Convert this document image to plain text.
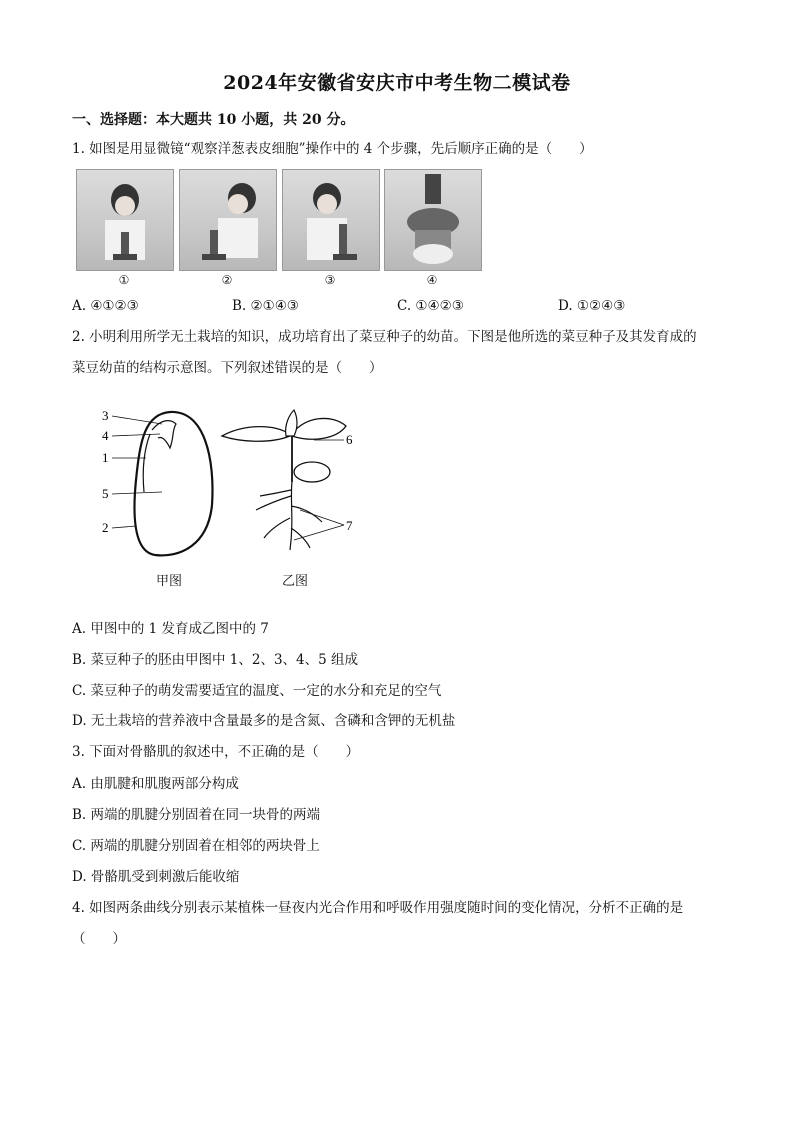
2024年安徽省安庆市中考生物二模试卷
一、选择题：本大题共 10 小题，共 20 分。
1. 如图是用显微镜“观察洋葱表皮细胞”操作中的 4 个步骤，先后顺序正确的是（　　）
①	②	③	④
A. ④①②③	B. ②①④③	C. ①④②③	D. ①②④③
2. 小明利用所学无土栽培的知识，成功培育出了菜豆种子的幼苗。下图是他所选的菜豆种子及其发育成的
菜豆幼苗的结构示意图。下列叙述错误的是（　　）
3
4
1
5
2
6
7
甲图	乙图
A. 甲图中的 1 发育成乙图中的 7
B. 菜豆种子的胚由甲图中 1、2、3、4、5 组成
C. 菜豆种子的萌发需要适宜的温度、一定的水分和充足的空气
D. 无土栽培的营养液中含量最多的是含氮、含磷和含钾的无机盐
3. 下面对骨骼肌的叙述中，不正确的是（　　）
A. 由肌腱和肌腹两部分构成
B. 两端的肌腱分别固着在同一块骨的两端
C. 两端的肌腱分别固着在相邻的两块骨上
D. 骨骼肌受到刺激后能收缩
4. 如图两条曲线分别表示某植株一昼夜内光合作用和呼吸作用强度随时间的变化情况，分析不正确的是
（　　）
